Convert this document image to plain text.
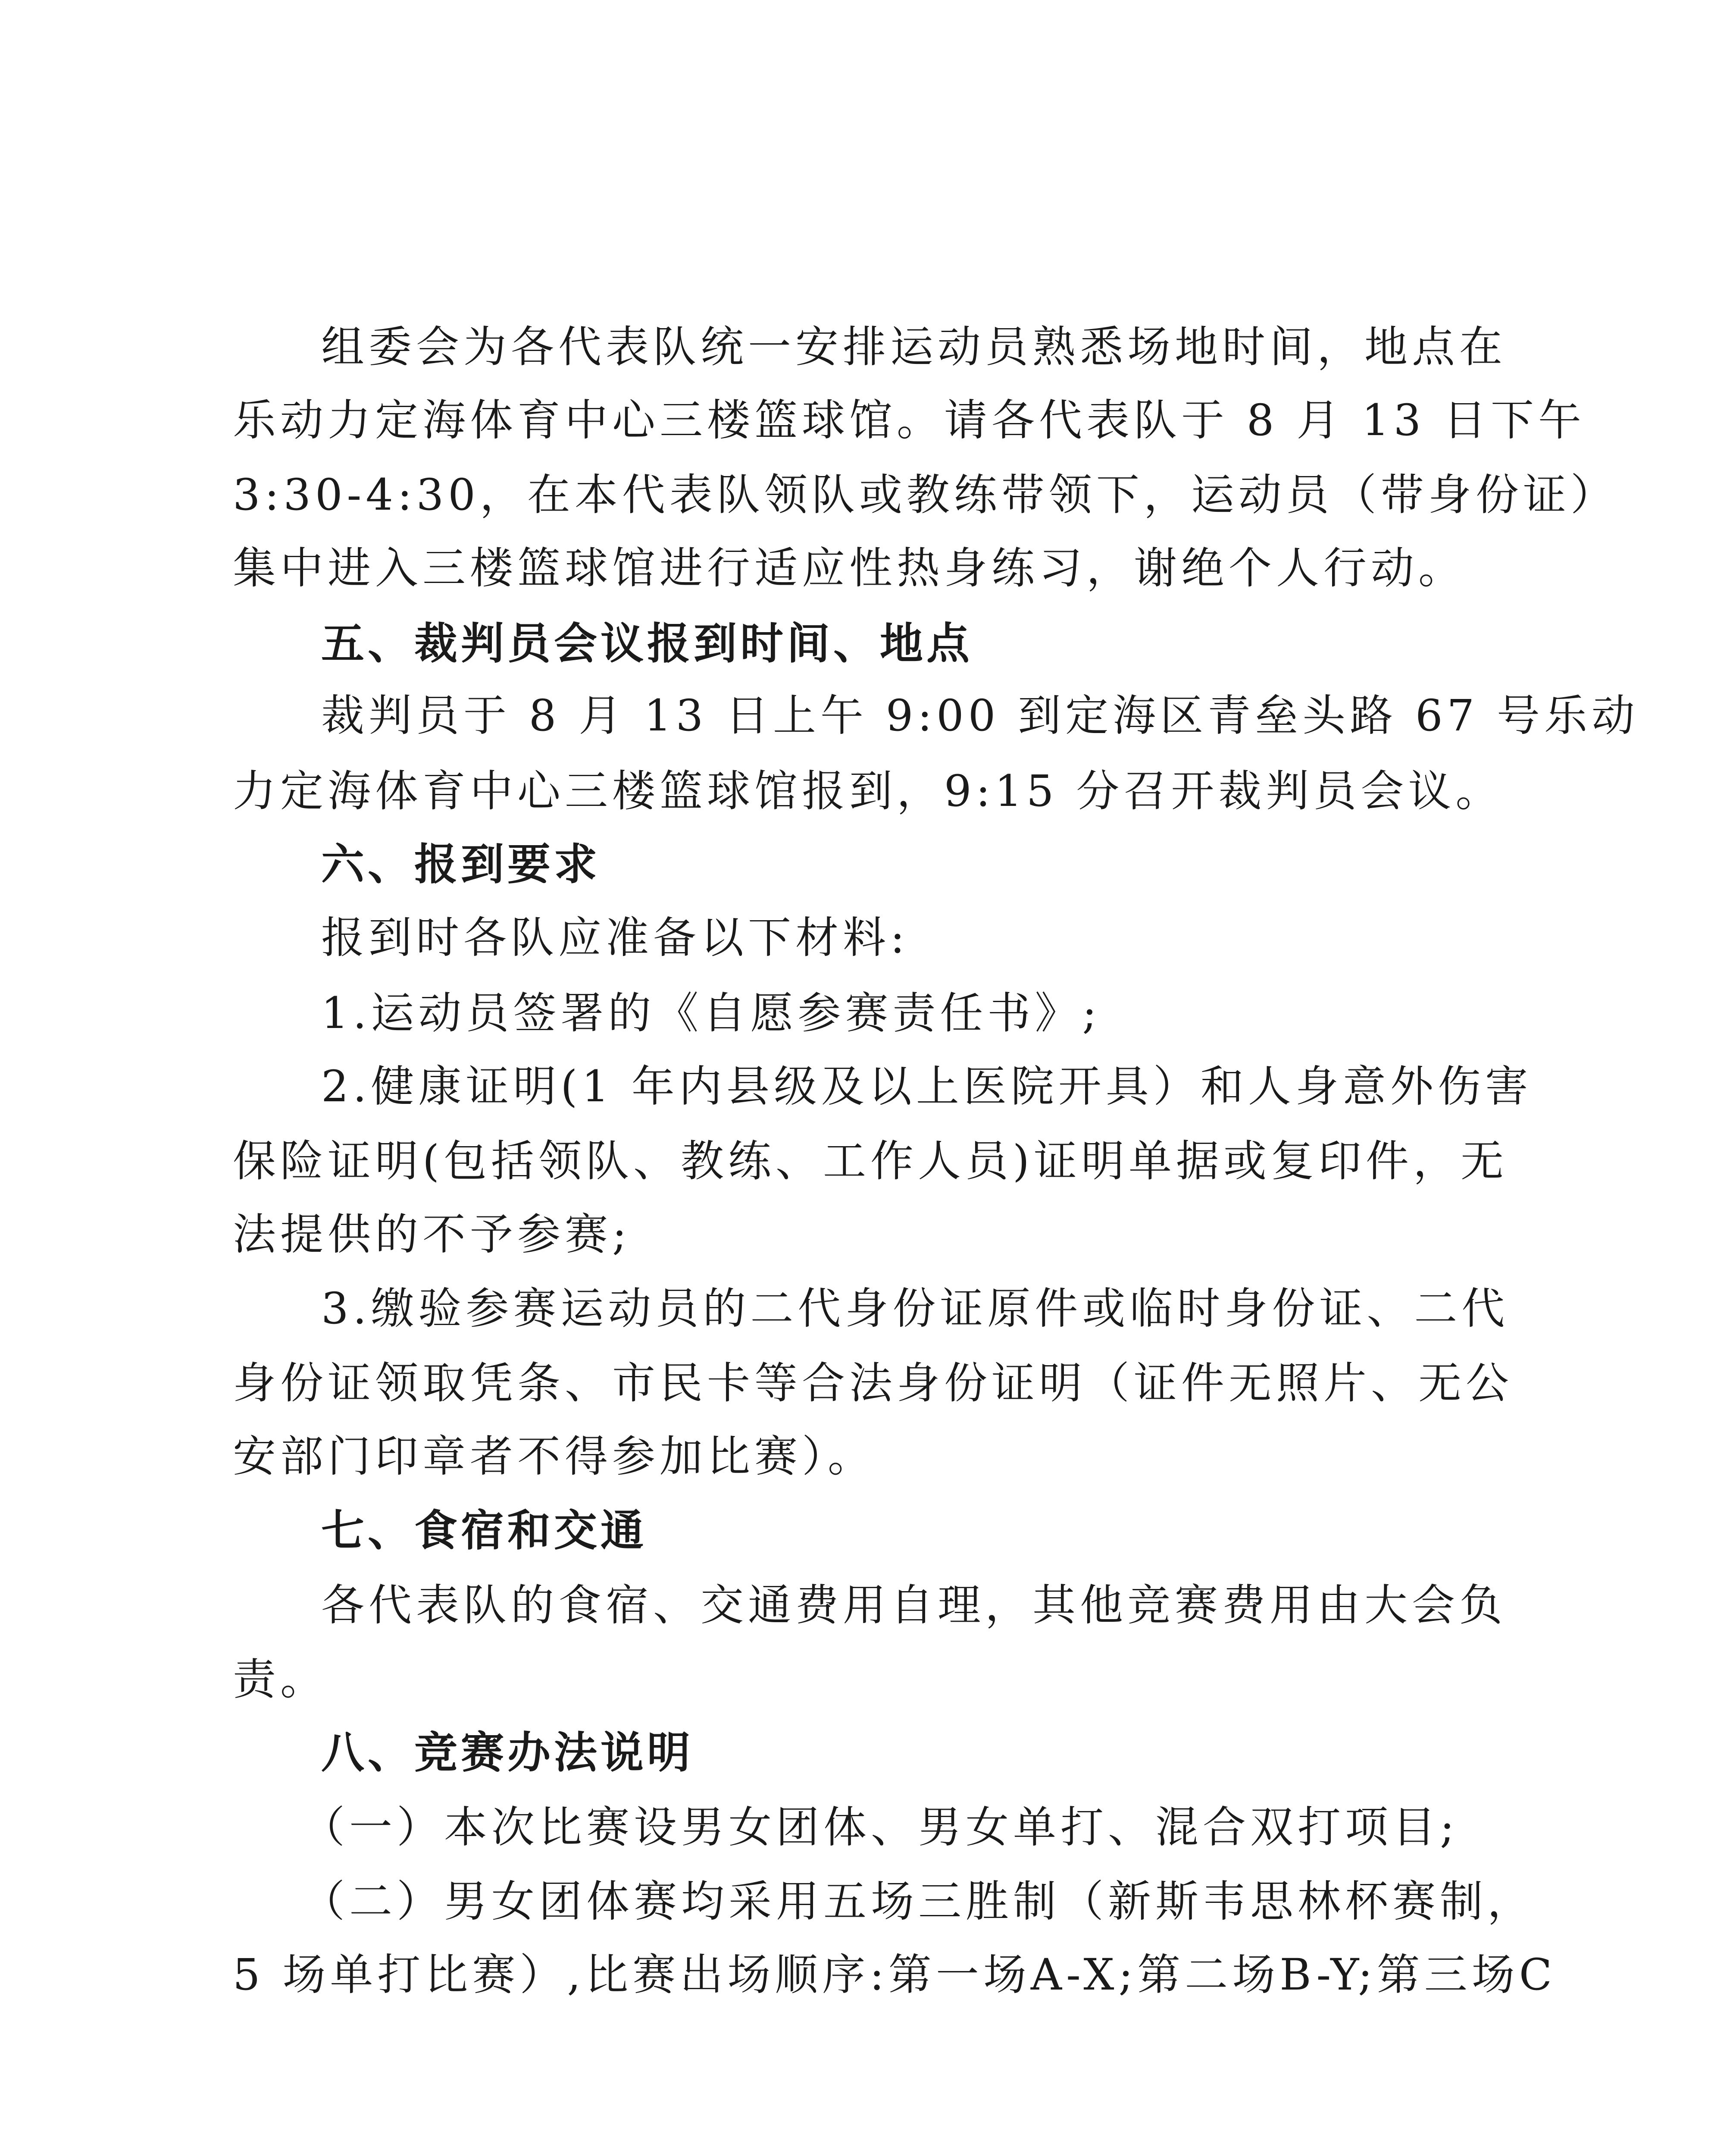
组委会为各代表队统一安排运动员熟悉场地时间，地点在
乐动力定海体育中心三楼篮球馆。请各代表队于 8 月 13 日下午
3:30-4:30，在本代表队领队或教练带领下，运动员（带身份证）
集中进入三楼篮球馆进行适应性热身练习，谢绝个人行动。
五、裁判员会议报到时间、地点
裁判员于 8 月 13 日上午 9:00 到定海区青垒头路 67 号乐动
力定海体育中心三楼篮球馆报到，9:15 分召开裁判员会议。
六、报到要求
报到时各队应准备以下材料:
1.运动员签署的《自愿参赛责任书》;
2.健康证明(1 年内县级及以上医院开具）和人身意外伤害
保险证明(包括领队、教练、工作人员)证明单据或复印件，无
法提供的不予参赛;
3.缴验参赛运动员的二代身份证原件或临时身份证、二代
身份证领取凭条、市民卡等合法身份证明（证件无照片、无公
安部门印章者不得参加比赛）。
七、食宿和交通
各代表队的食宿、交通费用自理，其他竞赛费用由大会负
责。
八、竞赛办法说明
（一）本次比赛设男女团体、男女单打、混合双打项目;
（二）男女团体赛均采用五场三胜制（新斯韦思林杯赛制，
5 场单打比赛）,比赛出场顺序:第一场A-X;第二场B-Y;第三场C
